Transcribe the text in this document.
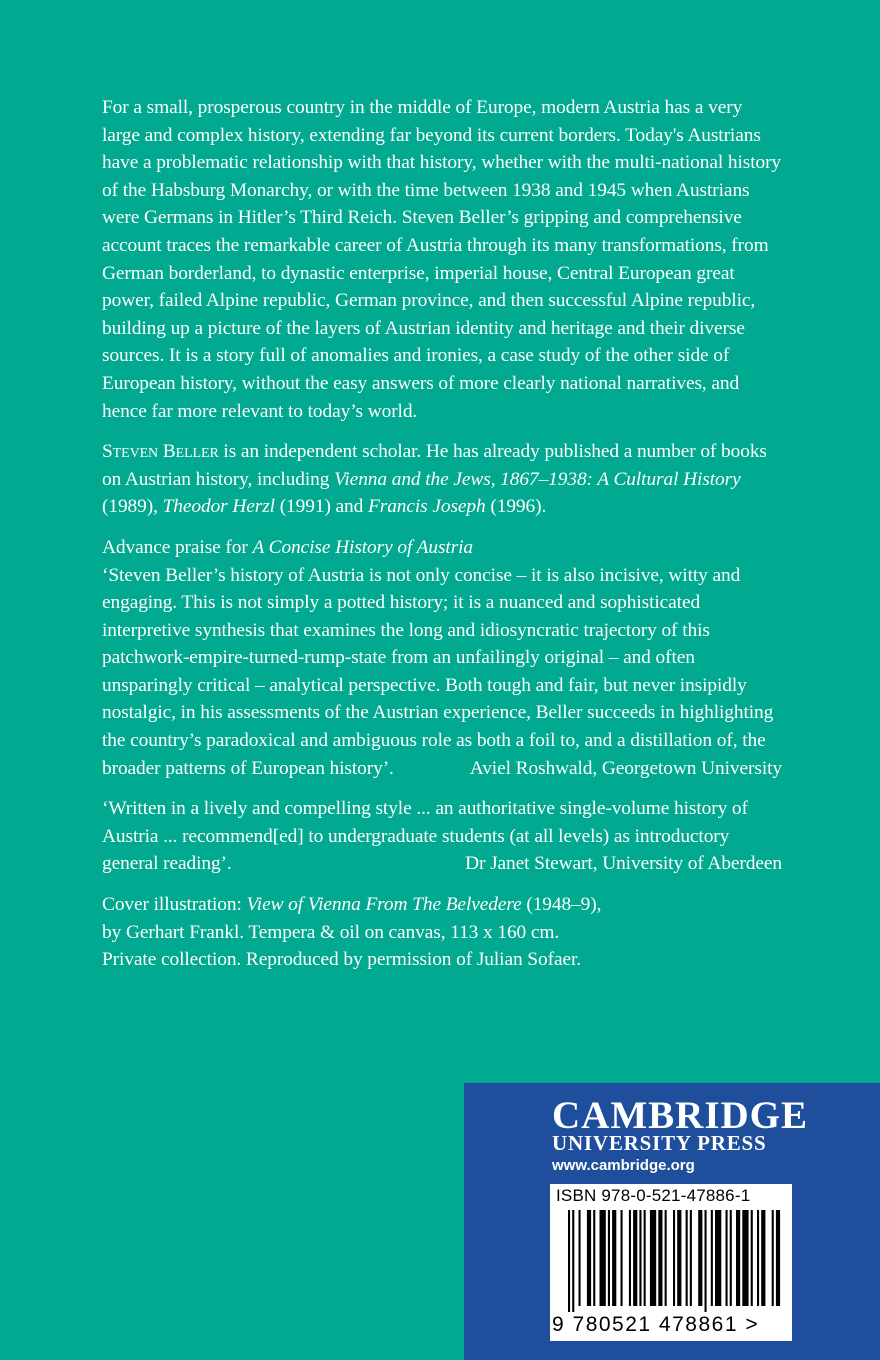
For a small, prosperous country in the middle of Europe, modern Austria has a very large and complex history, extending far beyond its current borders. Today's Austrians have a problematic relationship with that history, whether with the multi-national history of the Habsburg Monarchy, or with the time between 1938 and 1945 when Austrians were Germans in Hitler’s Third Reich. Steven Beller’s gripping and comprehensive account traces the remarkable career of Austria through its many transformations, from German borderland, to dynastic enterprise, imperial house, Central European great power, failed Alpine republic, German province, and then successful Alpine republic, building up a picture of the layers of Austrian identity and heritage and their diverse sources. It is a story full of anomalies and ironies, a case study of the other side of European history, without the easy answers of more clearly national narratives, and hence far more relevant to today’s world.

Steven Beller is an independent scholar. He has already published a number of books on Austrian history, including Vienna and the Jews, 1867–1938: A Cultural History (1989), Theodor Herzl (1991) and Francis Joseph (1996).

Advance praise for A Concise History of Austria
‘Steven Beller’s history of Austria is not only concise – it is also incisive, witty and engaging. This is not simply a potted history; it is a nuanced and sophisticated interpretive synthesis that examines the long and idiosyncratic trajectory of this patchwork-empire-turned-rump-state from an unfailingly original – and often unsparingly critical – analytical perspective. Both tough and fair, but never insipidly nostalgic, in his assessments of the Austrian experience, Beller succeeds in highlighting the country’s paradoxical and ambiguous role as both a foil to, and a distillation of, the broader patterns of European history’.	Aviel Roshwald, Georgetown University
‘Written in a lively and compelling style ... an authoritative single-volume history of Austria ... recommend[ed] to undergraduate students (at all levels) as introductory general reading’.	Dr Janet Stewart, University of Aberdeen
Cover illustration: View of Vienna From The Belvedere (1948–9),
by Gerhart Frankl. Tempera & oil on canvas, 113 x 160 cm.
Private collection. Reproduced by permission of Julian Sofaer.
CAMBRIDGE
UNIVERSITY PRESS
www.cambridge.org
ISBN 978-0-521-47886-1
9 780521 478861 >
